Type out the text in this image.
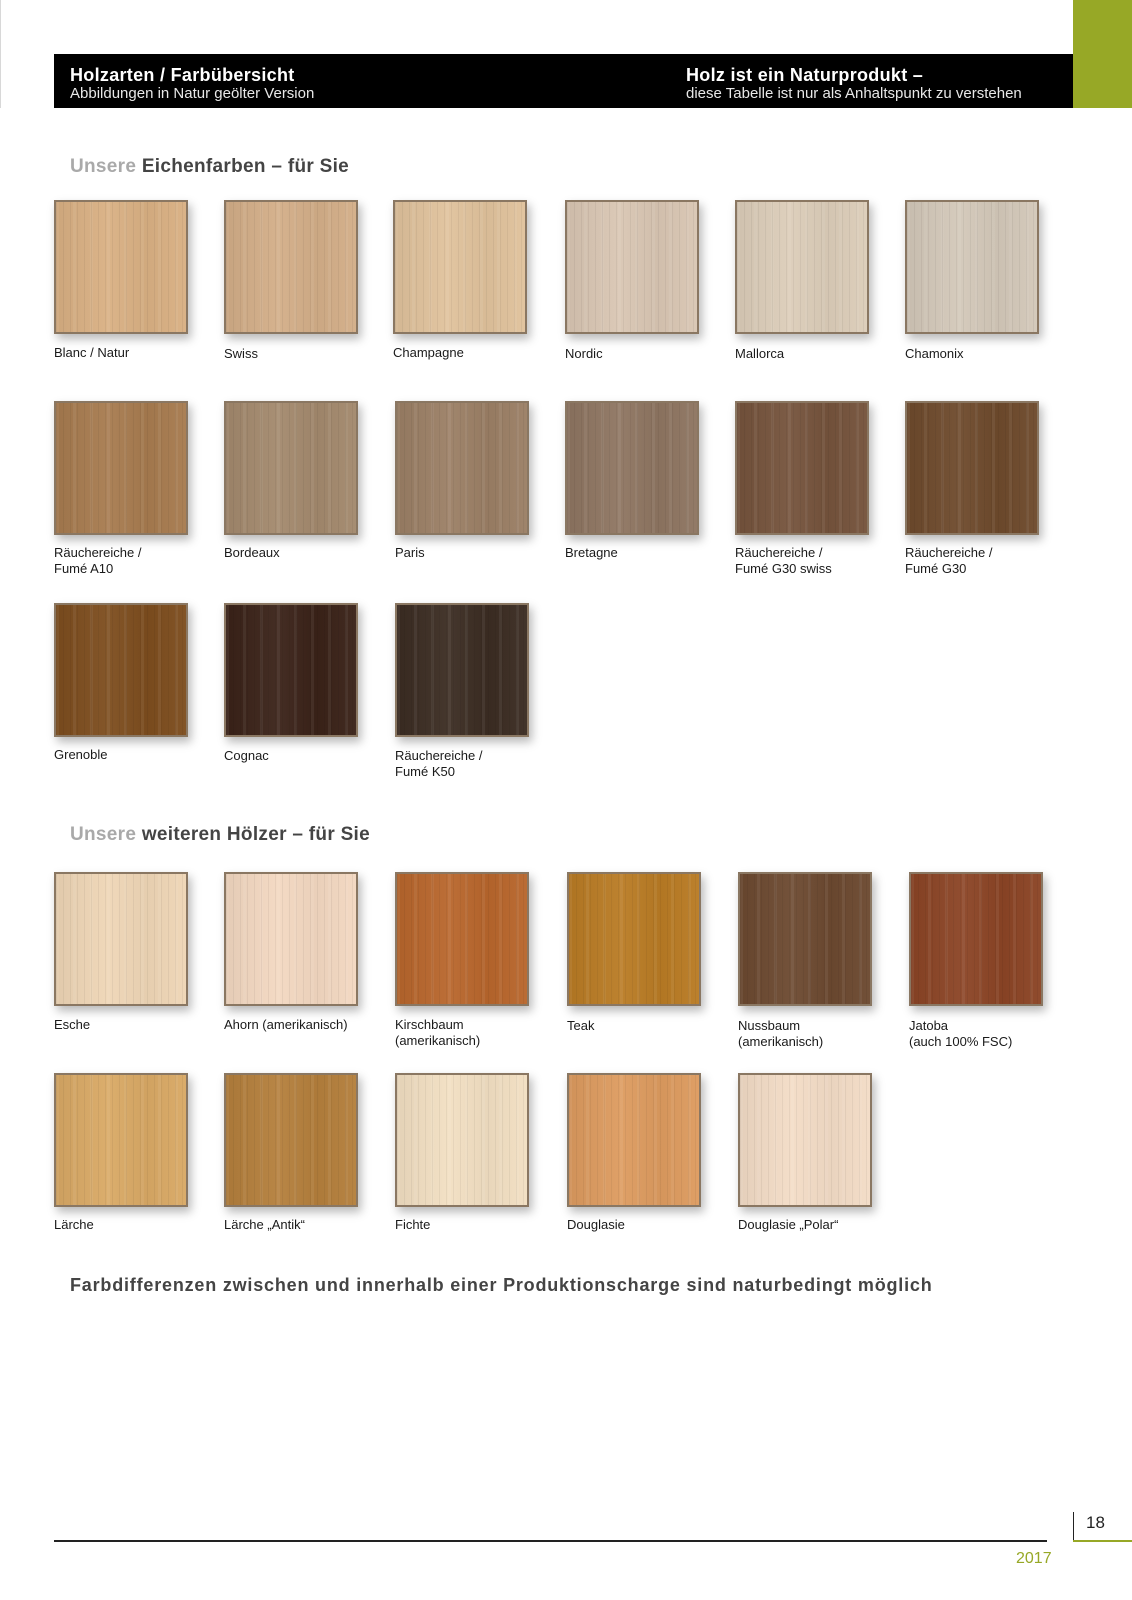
Holzarten / Farbübersicht
Abbildungen in Natur geölter Version
Holz ist ein Naturprodukt –
diese Tabelle ist nur als Anhaltspunkt zu verstehen
Unsere Eichenfarben – für Sie
Unsere weiteren Hölzer – für Sie
Blanc / Natur	Swiss	Champagne	Nordic	Mallorca	Chamonix
Räuchereiche /
Fumé A10
Bordeaux	Paris	Bretagne	Räuchereiche /
Fumé G30 swiss
Räuchereiche /
Fumé G30
Grenoble	Cognac	Räuchereiche /
Fumé K50
Esche	Ahorn (amerikanisch)	Kirschbaum
(amerikanisch)
Teak	Nussbaum
(amerikanisch)
Jatoba
(auch 100% FSC)
Lärche	Lärche „Antik“	Fichte	Douglasie	Douglasie „Polar“
Farbdifferenzen zwischen und innerhalb einer Produktionscharge sind naturbedingt möglich
18
2017
